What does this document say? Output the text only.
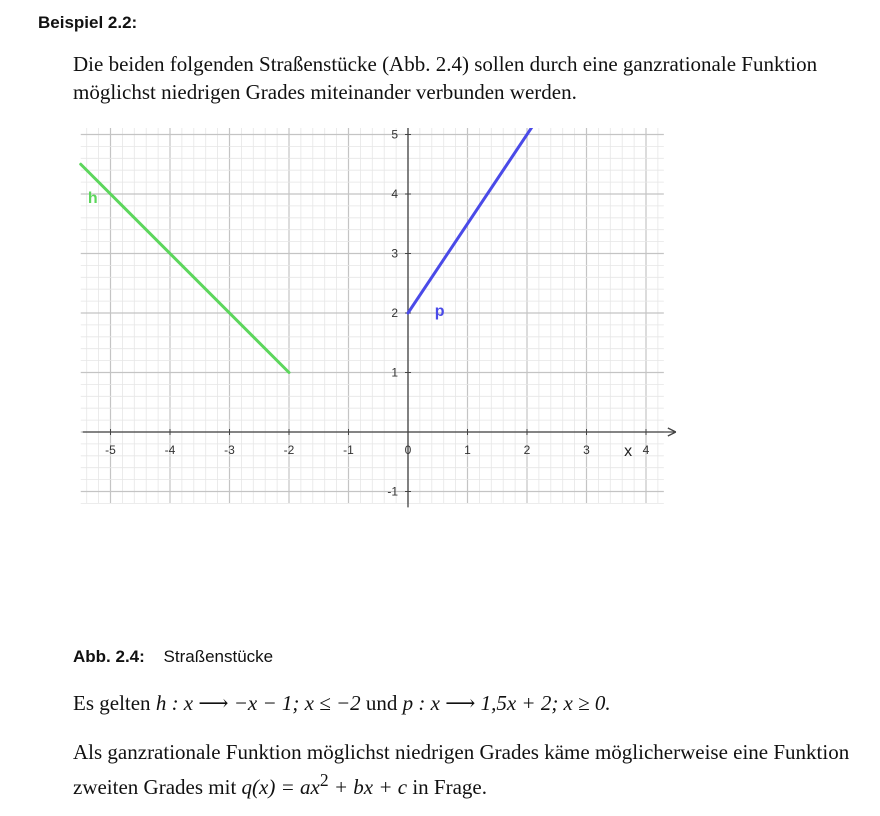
Beispiel 2.2:

Die beiden folgenden Straßenstücke (Abb. 2.4) sollen durch eine ganzrationale Funktion möglichst niedrigen Grades miteinander verbunden werden.

-5	-4	-3	-2	-1	0	1	2	3	4
-1
1
2
3
4
5
x
h
p
Abb. 2.4: Straßenstücke

Es gelten h : x ⟶ −x − 1; x ≤ −2 und p : x ⟶ 1,5x + 2; x ≥ 0.

Als ganzrationale Funktion möglichst niedrigen Grades käme möglicherweise eine Funktion zweiten Grades mit $q(x) = ax^2$ + bx + c in Frage.
